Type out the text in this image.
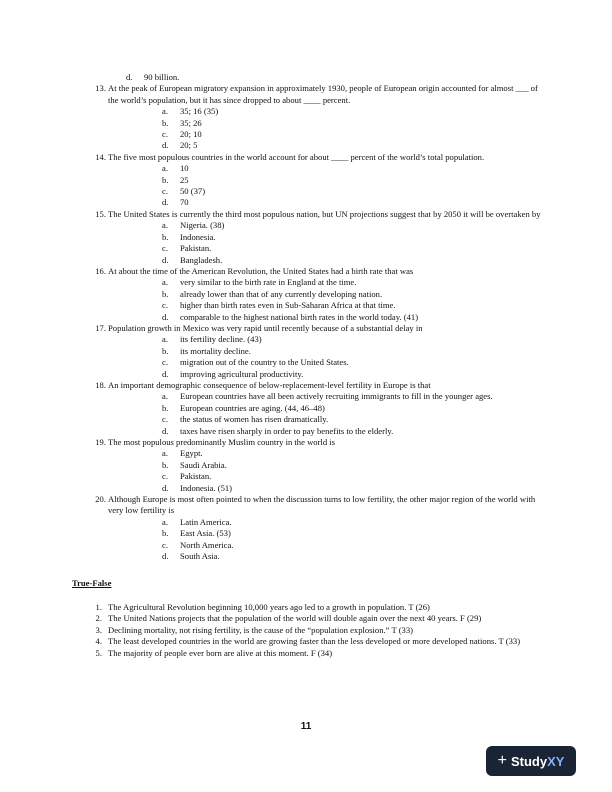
d. 90 billion.
13. At the peak of European migratory expansion in approximately 1930, people of European origin accounted for almost ___ of the world’s population, but it has since dropped to about ____ percent.
a. 35; 16 (35)
b. 35; 26
c. 20; 10
d. 20; 5
14. The five most populous countries in the world account for about ____ percent of the world’s total population.
a. 10
b. 25
c. 50 (37)
d. 70
15. The United States is currently the third most populous nation, but UN projections suggest that by 2050 it will be overtaken by
a. Nigeria. (38)
b. Indonesia.
c. Pakistan.
d. Bangladesh.
16. At about the time of the American Revolution, the United States had a birth rate that was
a. very similar to the birth rate in England at the time.
b. already lower than that of any currently developing nation.
c. higher than birth rates even in Sub-Saharan Africa at that time.
d. comparable to the highest national birth rates in the world today. (41)
17. Population growth in Mexico was very rapid until recently because of a substantial delay in
a. its fertility decline. (43)
b. its mortality decline.
c. migration out of the country to the United States.
d. improving agricultural productivity.
18. An important demographic consequence of below-replacement-level fertility in Europe is that
a. European countries have all been actively recruiting immigrants to fill in the younger ages.
b. European countries are aging. (44, 46–48)
c. the status of women has risen dramatically.
d. taxes have risen sharply in order to pay benefits to the elderly.
19. The most populous predominantly Muslim country in the world is
a. Egypt.
b. Saudi Arabia.
c. Pakistan.
d. Indonesia. (51)
20. Although Europe is most often pointed to when the discussion turns to low fertility, the other major region of the world with very low fertility is
a. Latin America.
b. East Asia. (53)
c. North America.
d. South Asia.
True-False
1. The Agricultural Revolution beginning 10,000 years ago led to a growth in population. T (26)
2. The United Nations projects that the population of the world will double again over the next 40 years. F (29)
3. Declining mortality, not rising fertility, is the cause of the “population explosion.” T (33)
4. The least developed countries in the world are growing faster than the less developed or more developed nations. T (33)
5. The majority of people ever born are alive at this moment. F (34)
11
+ Study XY
